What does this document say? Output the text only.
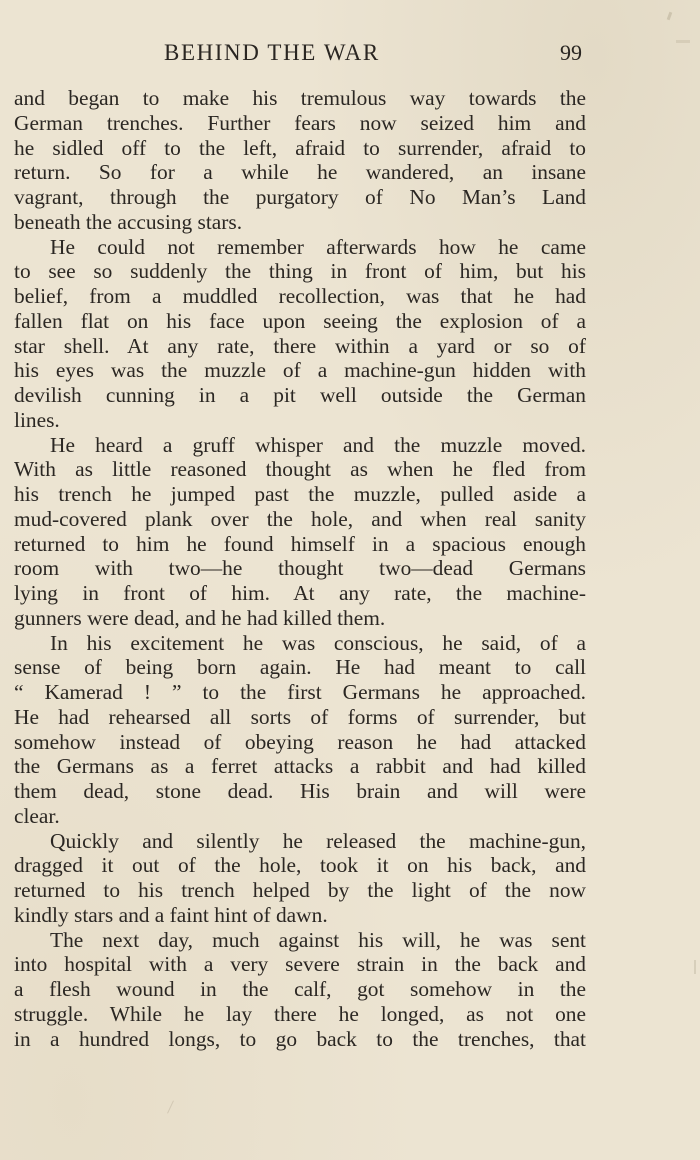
BEHIND THE WAR	99
and began to make his tremulous way towards the
German trenches. Further fears now seized him and
he sidled off to the left, afraid to surrender, afraid to
return. So for a while he wandered, an insane
vagrant, through the purgatory of No Man’s Land
beneath the accusing stars.
He could not remember afterwards how he came
to see so suddenly the thing in front of him, but his
belief, from a muddled recollection, was that he had
fallen flat on his face upon seeing the explosion of a
star shell. At any rate, there within a yard or so of
his eyes was the muzzle of a machine-gun hidden with
devilish cunning in a pit well outside the German
lines.
He heard a gruff whisper and the muzzle moved.
With as little reasoned thought as when he fled from
his trench he jumped past the muzzle, pulled aside a
mud-covered plank over the hole, and when real sanity
returned to him he found himself in a spacious enough
room with two—he thought two—dead Germans
lying in front of him. At any rate, the machine-
gunners were dead, and he had killed them.
In his excitement he was conscious, he said, of a
sense of being born again. He had meant to call
“ Kamerad ! ” to the first Germans he approached.
He had rehearsed all sorts of forms of surrender, but
somehow instead of obeying reason he had attacked
the Germans as a ferret attacks a rabbit and had killed
them dead, stone dead. His brain and will were
clear.
Quickly and silently he released the machine-gun,
dragged it out of the hole, took it on his back, and
returned to his trench helped by the light of the now
kindly stars and a faint hint of dawn.
The next day, much against his will, he was sent
into hospital with a very severe strain in the back and
a flesh wound in the calf, got somehow in the
struggle. While he lay there he longed, as not one
in a hundred longs, to go back to the trenches, that
